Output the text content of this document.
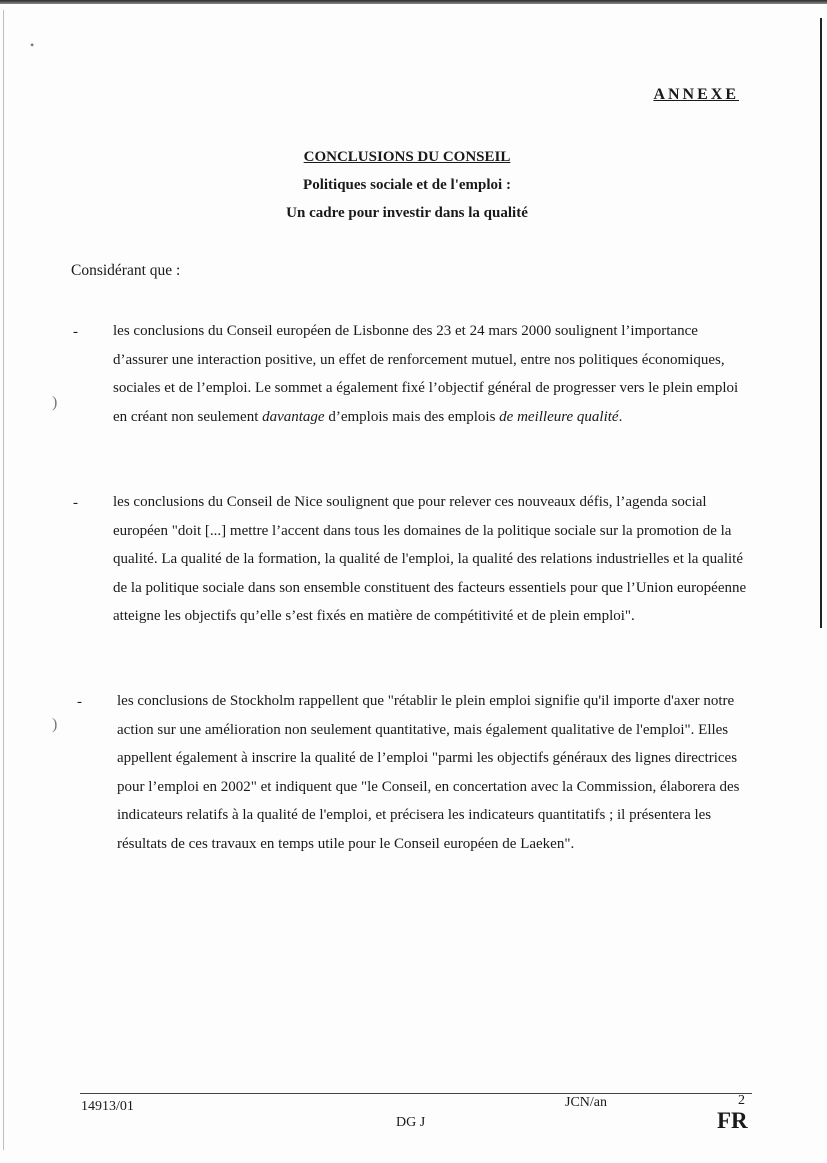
•
)
)
ANNEXE
CONCLUSIONS DU CONSEIL
Politiques sociale et de l'emploi :
Un cadre pour investir dans la qualité
Considérant que :
- les conclusions du Conseil européen de Lisbonne des 23 et 24 mars 2000 soulignent l’importance d’assurer une interaction positive, un effet de renforcement mutuel, entre nos politiques économiques, sociales et de l’emploi. Le sommet a également fixé l’objectif général de progresser vers le plein emploi en créant non seulement davantage d’emplois mais des emplois de meilleure qualité.
- les conclusions du Conseil de Nice soulignent que pour relever ces nouveaux défis, l’agenda social européen "doit [...] mettre l’accent dans tous les domaines de la politique sociale sur la promotion de la qualité. La qualité de la formation, la qualité de l'emploi, la qualité des relations industrielles et la qualité de la politique sociale dans son ensemble constituent des facteurs essentiels pour que l’Union européenne atteigne les objectifs qu’elle s’est fixés en matière de compétitivité et de plein emploi".
- les conclusions de Stockholm rappellent que "rétablir le plein emploi signifie qu'il importe d'axer notre action sur une amélioration non seulement quantitative, mais également qualitative de l'emploi". Elles appellent également à inscrire la qualité de l’emploi "parmi les objectifs généraux des lignes directrices pour l’emploi en 2002" et indiquent que "le Conseil, en concertation avec la Commission, élaborera des indicateurs relatifs à la qualité de l'emploi, et précisera les indicateurs quantitatifs ; il présentera les résultats de ces travaux en temps utile pour le Conseil européen de Laeken".
14913/01	JCN/an	2
DG J	FR
